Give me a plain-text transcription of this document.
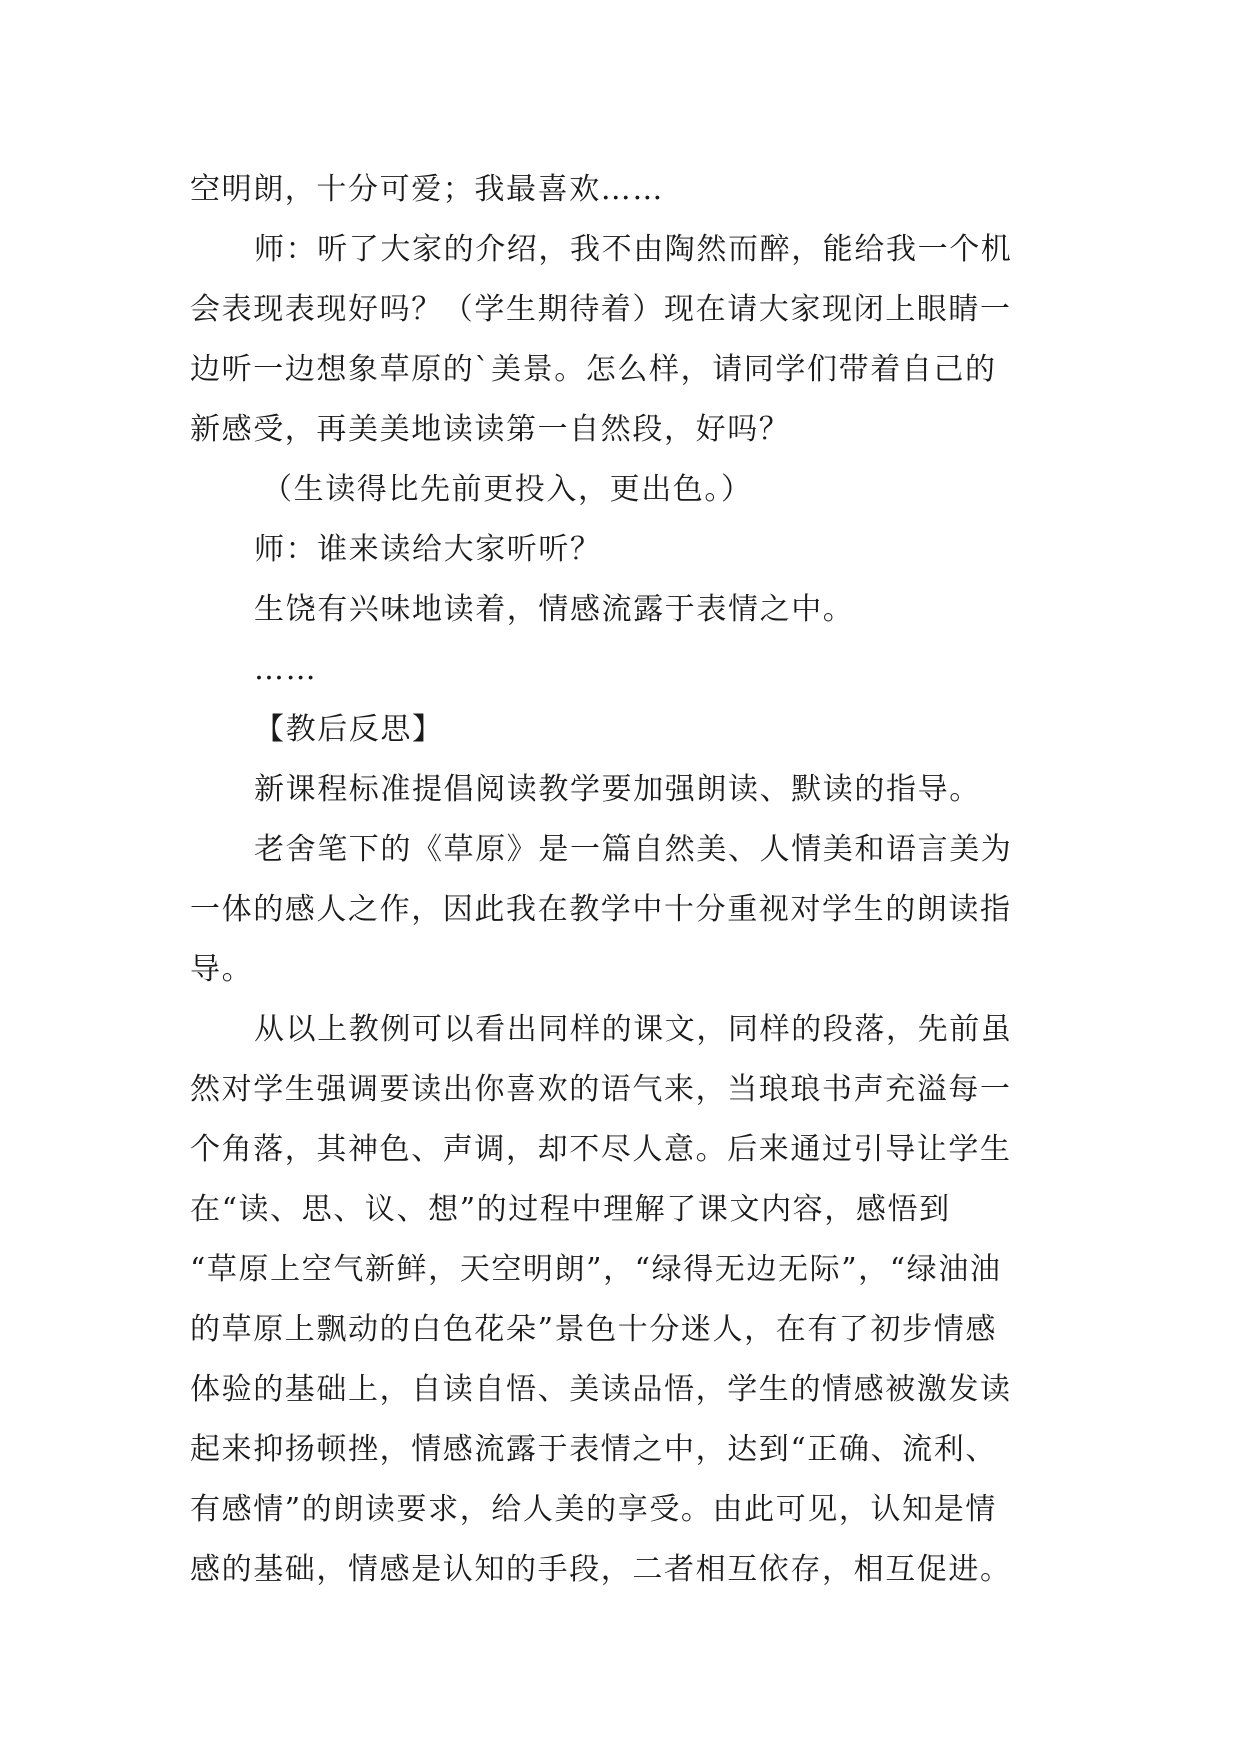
空明朗，十分可爱；我最喜欢……
师：听了大家的介绍，我不由陶然而醉，能给我一个机
会表现表现好吗？（学生期待着）现在请大家现闭上眼睛一
边听一边想象草原的`美景。怎么样，请同学们带着自己的
新感受，再美美地读读第一自然段，好吗？
（生读得比先前更投入，更出色。）
师：谁来读给大家听听？
生饶有兴味地读着，情感流露于表情之中。
……
【教后反思】
新课程标准提倡阅读教学要加强朗读、默读的指导。
老舍笔下的《草原》是一篇自然美、人情美和语言美为
一体的感人之作，因此我在教学中十分重视对学生的朗读指
导。
从以上教例可以看出同样的课文，同样的段落，先前虽
然对学生强调要读出你喜欢的语气来，当琅琅书声充溢每一
个角落，其神色、声调，却不尽人意。后来通过引导让学生
在“读、思、议、想”的过程中理解了课文内容，感悟到
“草原上空气新鲜，天空明朗”，“绿得无边无际”，“绿油油
的草原上飘动的白色花朵”景色十分迷人，在有了初步情感
体验的基础上，自读自悟、美读品悟，学生的情感被激发读
起来抑扬顿挫，情感流露于表情之中，达到“正确、流利、
有感情”的朗读要求，给人美的享受。由此可见，认知是情
感的基础，情感是认知的手段，二者相互依存，相互促进。
